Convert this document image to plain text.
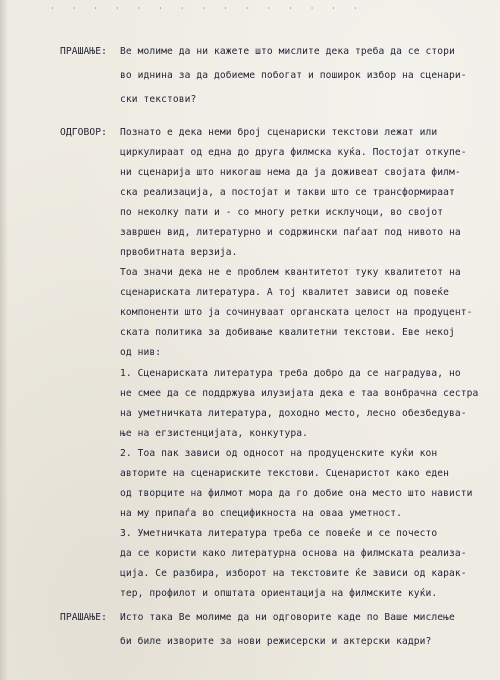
' ' ' ' ' ' ' ' ' ' ' ' ' ' '
ПРАШАЊЕ: Ве молиме да ни кажете што мислите дека треба да се стори
во иднина за да добиеме побогат и поширок избор на сценари-
ски текстови?
ОДГОВОР:
ПРАШАЊЕ: Исто така Ве молиме да ни одговорите каде по Ваше мислење
би биле изворите за нови режисерски и актерски кадри?
Познато е дека неми број сценариски текстови лежат или
циркулираат од една до друга филмска куќа. Постојат откупе-
ни сценарија што никогаш нема да ја доживеат својата филм-
ска реализација, а постојат и такви што се трансформираат
по неколку пати и - со многу ретки исклучоци, во својот
завршен вид, литературно и содржински паѓаат под нивото на
првобитната верзија.
Тоа значи дека не е проблем квантитетот туку квалитетот на
сценариската литература. А тој квалитет зависи од повеќе
компоненти што ја сочинуваат органската целост на продуцент-
ската политика за добивање квалитетни текстови. Еве некој
од нив:
1. Сценариската литература треба добро да се наградува, но
не смее да се поддржува илузијата дека е таа вонбрачна сестра
на уметничката литература, доходно место, лесно обезбедува-
ње на егзистенцијата, конкутура.
2. Тоа пак зависи од односот на продуценските куќи кон
авторите на сценариските текстови. Сценаристот како еден
од творците на филмот мора да го добие она место што нависти
на му припаѓа во спецификноста на оваа уметност.
3. Уметничката литература треба се повеќе и се почесто
да се користи како литературна основа на филмската реализа-
ција. Се разбира, изборот на текстовите ќе зависи од карак-
тер, профилот и општата ориентација на филмските куќи.
